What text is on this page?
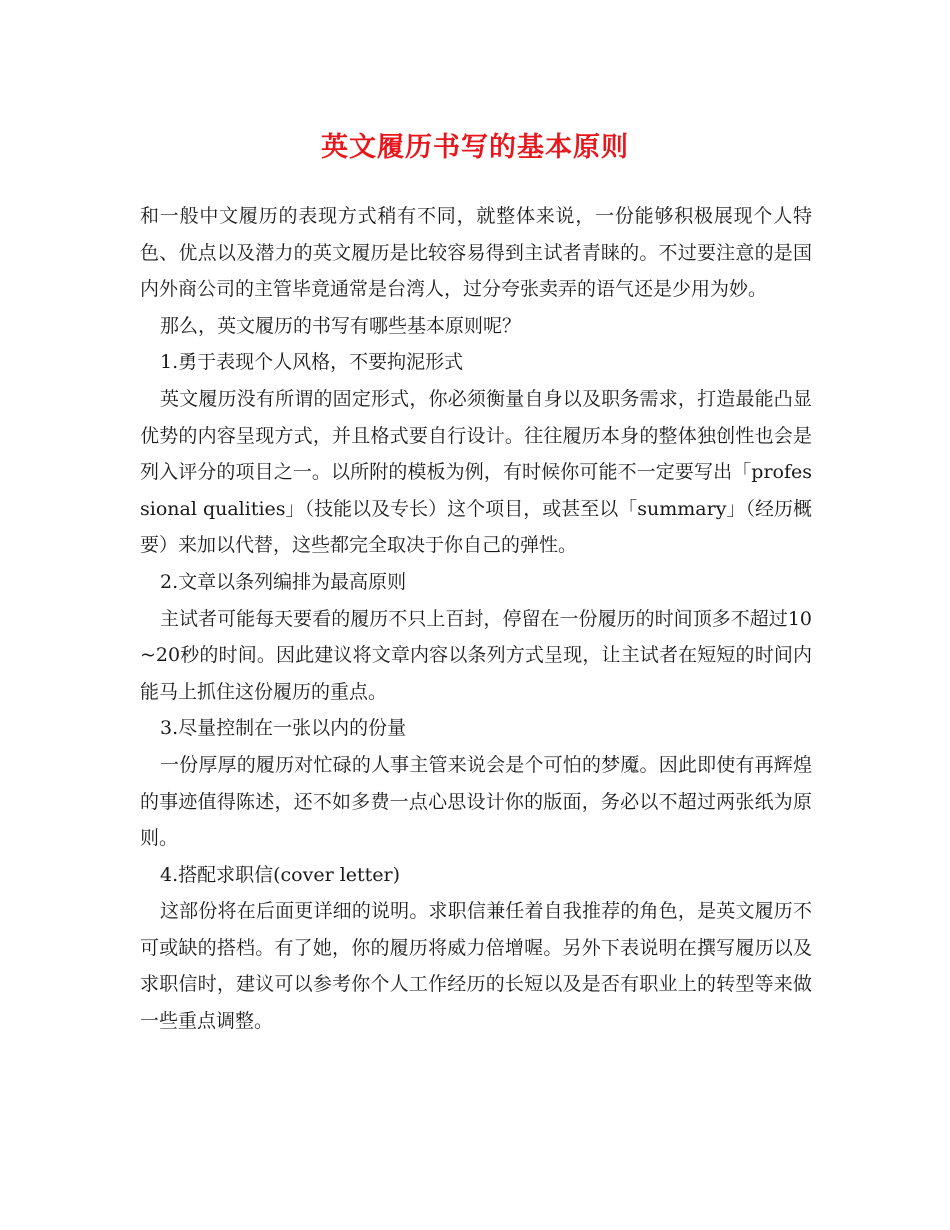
英文履历书写的基本原则

和一般中文履历的表现方式稍有不同，就整体来说，一份能够积极展现个人特色、优点以及潜力的英文履历是比较容易得到主试者青睐的。不过要注意的是国内外商公司的主管毕竟通常是台湾人，过分夸张卖弄的语气还是少用为妙。

那么，英文履历的书写有哪些基本原则呢？

1.勇于表现个人风格，不要拘泥形式

英文履历没有所谓的固定形式，你必须衡量自身以及职务需求，打造最能凸显优势的内容呈现方式，并且格式要自行设计。往往履历本身的整体独创性也会是列入评分的项目之一。以所附的模板为例，有时候你可能不一定要写出「professional qualities」（技能以及专长）这个项目，或甚至以「summary」（经历概要）来加以代替，这些都完全取决于你自己的弹性。

2.文章以条列编排为最高原则

主试者可能每天要看的履历不只上百封，停留在一份履历的时间顶多不超过10~20秒的时间。因此建议将文章内容以条列方式呈现，让主试者在短短的时间内能马上抓住这份履历的重点。

3.尽量控制在一张以内的份量

一份厚厚的履历对忙碌的人事主管来说会是个可怕的梦魇。因此即使有再辉煌的事迹值得陈述，还不如多费一点心思设计你的版面，务必以不超过两张纸为原则。

4.搭配求职信(cover letter)

这部份将在后面更详细的说明。求职信兼任着自我推荐的角色，是英文履历不可或缺的搭档。有了她，你的履历将威力倍增喔。另外下表说明在撰写履历以及求职信时，建议可以参考你个人工作经历的长短以及是否有职业上的转型等来做一些重点调整。
